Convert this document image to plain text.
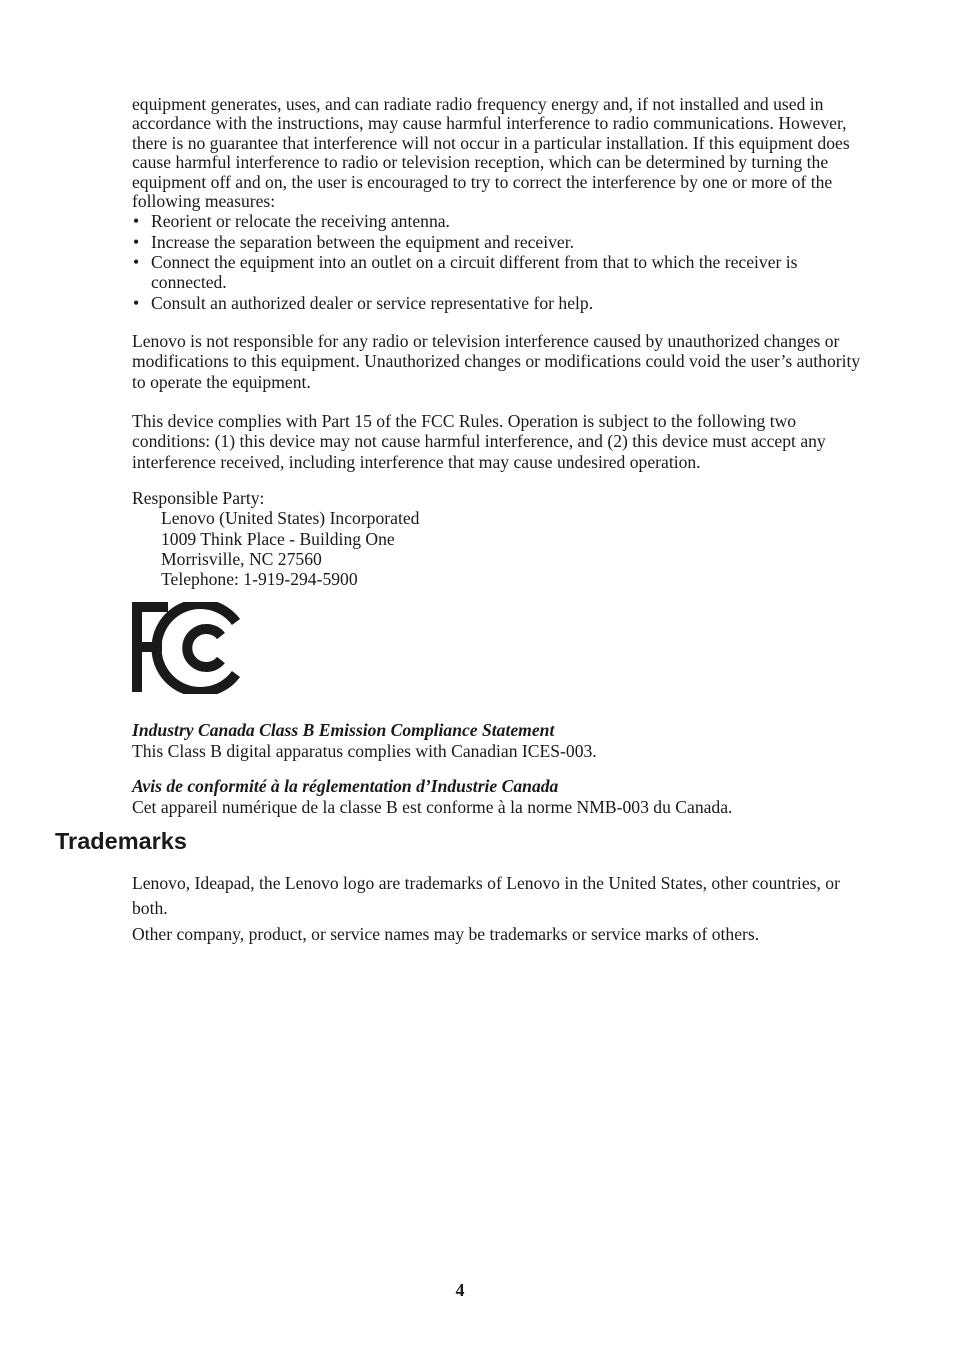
equipment generates, uses, and can radiate radio frequency energy and, if not installed and used in accordance with the instructions, may cause harmful interference to radio communications. However, there is no guarantee that interference will not occur in a particular installation. If this equipment does cause harmful interference to radio or television reception, which can be determined by turning the equipment off and on, the user is encouraged to try to correct the interference by one or more of the following measures:

• Reorient or relocate the receiving antenna.
• Increase the separation between the equipment and receiver.
• Connect the equipment into an outlet on a circuit different from that to which the receiver is connected.
• Consult an authorized dealer or service representative for help.

Lenovo is not responsible for any radio or television interference caused by unauthorized changes or modifications to this equipment. Unauthorized changes or modifications could void the user’s authority to operate the equipment.

This device complies with Part 15 of the FCC Rules. Operation is subject to the following two conditions: (1) this device may not cause harmful interference, and (2) this device must accept any interference received, including interference that may cause undesired operation.

Responsible Party:
Lenovo (United States) Incorporated
1009 Think Place - Building One
Morrisville, NC 27560
Telephone: 1-919-294-5900
Industry Canada Class B Emission Compliance Statement
This Class B digital apparatus complies with Canadian ICES-003.
Avis de conformité à la réglementation d’Industrie Canada
Cet appareil numérique de la classe B est conforme à la norme NMB-003 du Canada.
Trademarks
Lenovo, Ideapad, the Lenovo logo are trademarks of Lenovo in the United States, other countries, or both.
Other company, product, or service names may be trademarks or service marks of others.
4
